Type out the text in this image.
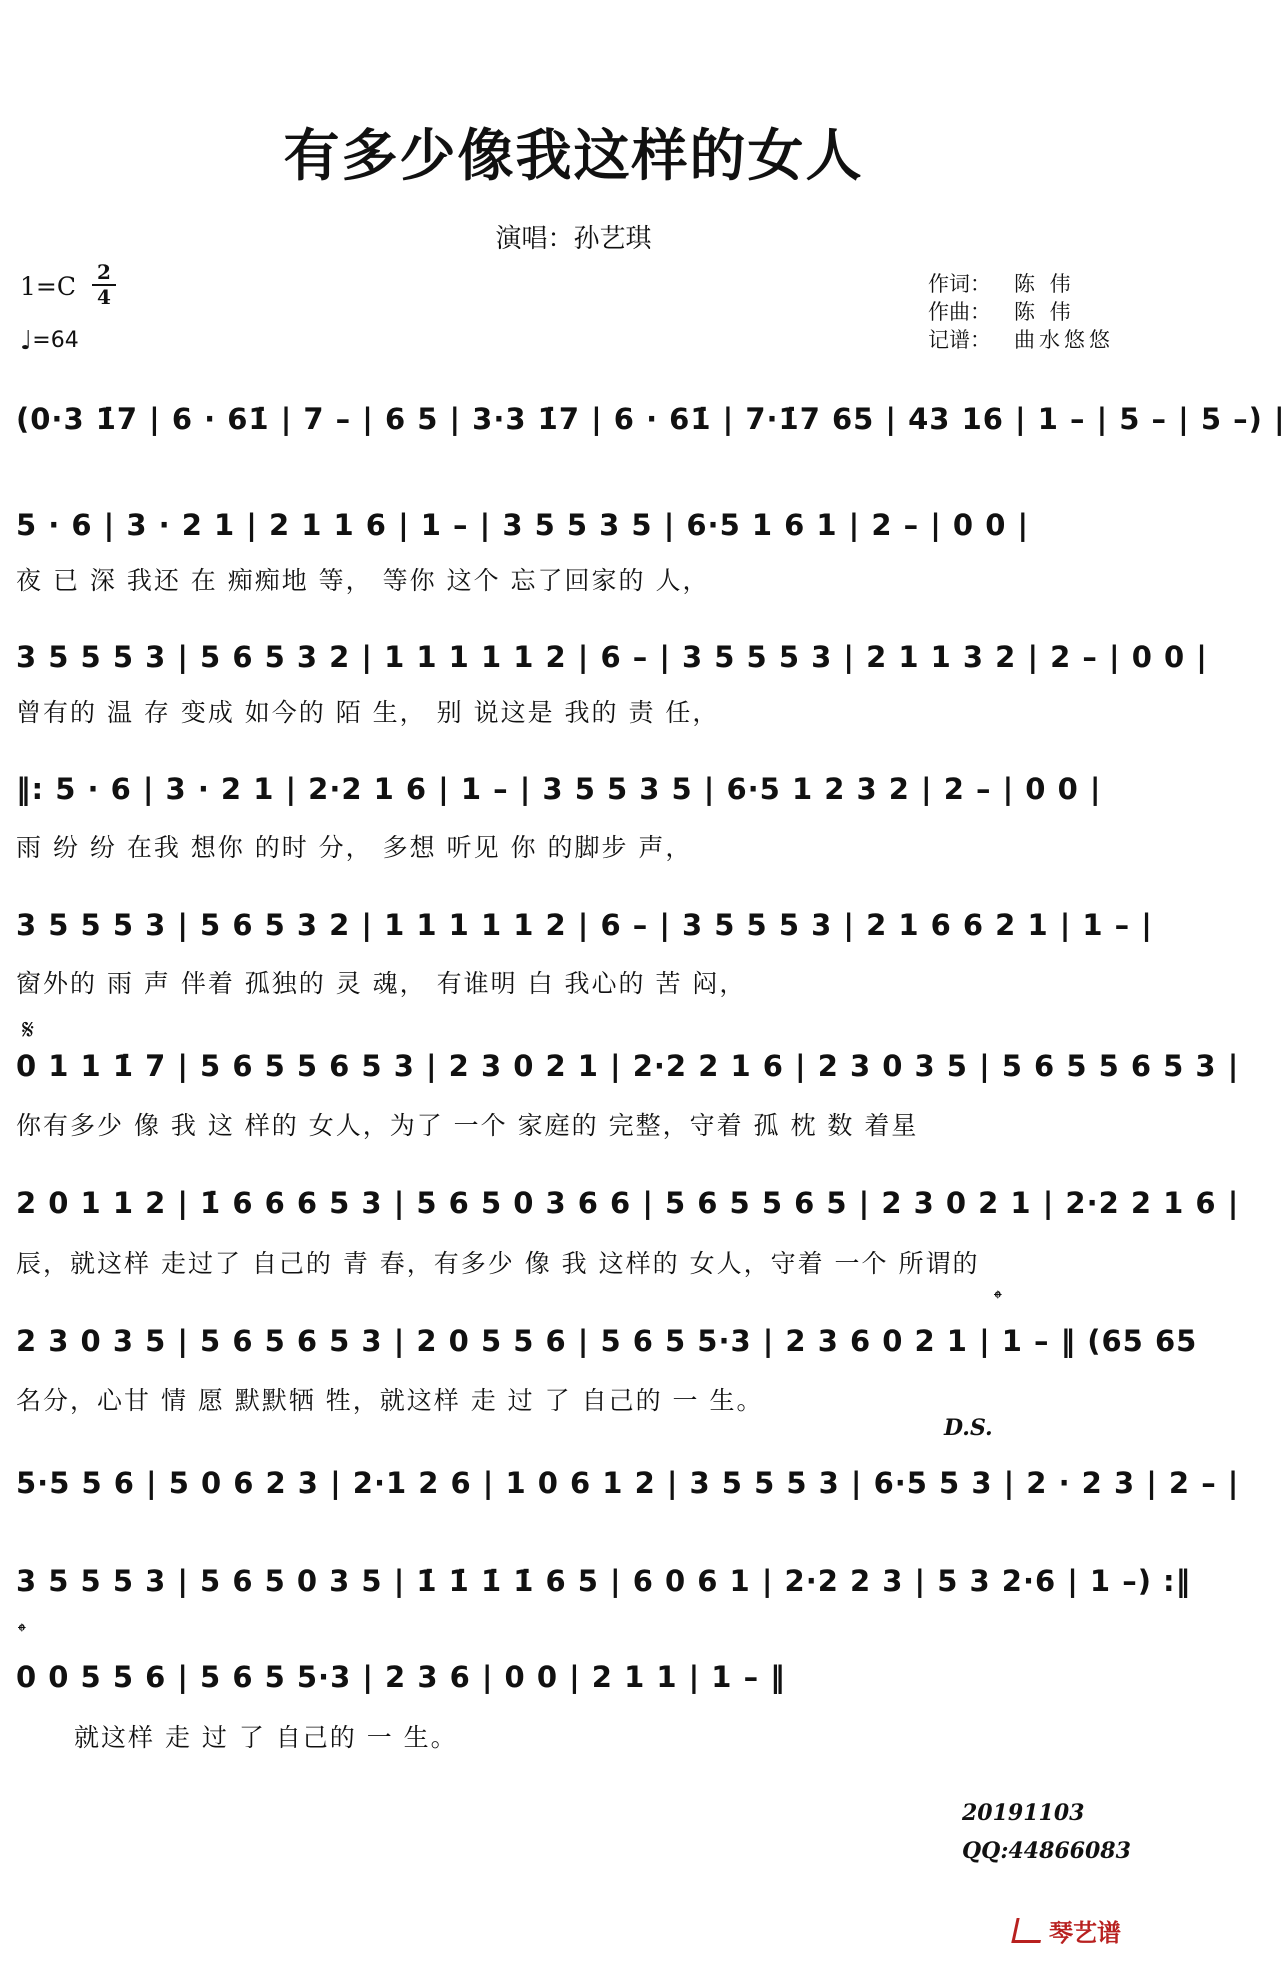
有多少像我这样的女人
演唱：孙艺琪
作词： 陈 伟
作曲： 陈 伟
记谱： 曲水悠悠
1=C 2
4
♩=64
(0·3 1̇7 | 6 · 61̇ | 7 – | 6 5 | 3·3 1̇7 | 6 · 61̇ | 7·1̇7 65 | 43 16 | 1 – | 5 – | 5 –) |
5 · 6 | 3 · 2 1 | 2 1 1 6 | 1 – | 3 5 5 3 5 | 6·5 1 6 1 | 2 – | 0 0 |
夜 已 深 我还 在 痴痴地 等， 等你 这个 忘了回家的 人，
3 5 5 5 3 | 5 6 5 3 2 | 1 1 1 1 1 2 | 6 – | 3 5 5 5 3 | 2 1 1 3 2 | 2 – | 0 0 |
曾有的 温 存 变成 如今的 陌 生， 别 说这是 我的 责 任，
‖: 5 · 6 | 3 · 2 1 | 2·2 1 6 | 1 – | 3 5 5 3 5 | 6·5 1 2 3 2 | 2 – | 0 0 |
雨 纷 纷 在我 想你 的时 分， 多想 听见 你 的脚步 声，
3 5 5 5 3 | 5 6 5 3 2 | 1 1 1 1 1 2 | 6 – | 3 5 5 5 3 | 2 1 6 6 2 1 | 1 – |
窗外的 雨 声 伴着 孤独的 灵 魂， 有谁明 白 我心的 苦 闷，
𝄋
0 1 1 1̇ 7 | 5 6 5 5 6 5 3 | 2 3 0 2 1 | 2·2 2 1 6 | 2 3 0 3 5 | 5 6 5 5 6 5 3 |
你有多少 像 我 这 样的 女人，为了 一个 家庭的 完整，守着 孤 枕 数 着星
2 0 1 1 2 | 1̇ 6 6 6 5 3 | 5 6 5 0 3 6 6 | 5 6 5 5 6 5 | 2 3 0 2 1 | 2·2 2 1 6 |
辰，就这样 走过了 自己的 青 春，有多少 像 我 这样的 女人，守着 一个 所谓的
𝄌
2 3 0 3 5 | 5 6 5 6 5 3 | 2 0 5 5 6 | 5 6 5 5·3 | 2 3 6 0 2 1 | 1 – ‖ (65 65
名分，心甘 情 愿 默默牺 牲，就这样 走 过 了 自己的 一 生。
D.S.
5·5 5 6 | 5 0 6 2 3 | 2·1 2 6 | 1 0 6 1 2 | 3 5 5 5 3 | 6·5 5 3 | 2 · 2 3 | 2 – |
3 5 5 5 3 | 5 6 5 0 3 5 | 1̇ 1̇ 1̇ 1̇ 6 5 | 6 0 6 1 | 2·2 2 3 | 5 3 2·6 | 1 –) :‖
𝄌
0 0 5 5 6 | 5 6 5 5·3 | 2 3 6 | 0 0 | 2 1 1 | 1 – ‖
就这样 走 过 了 自己的 一 生。
20191103
QQ:44866083
琴艺谱
